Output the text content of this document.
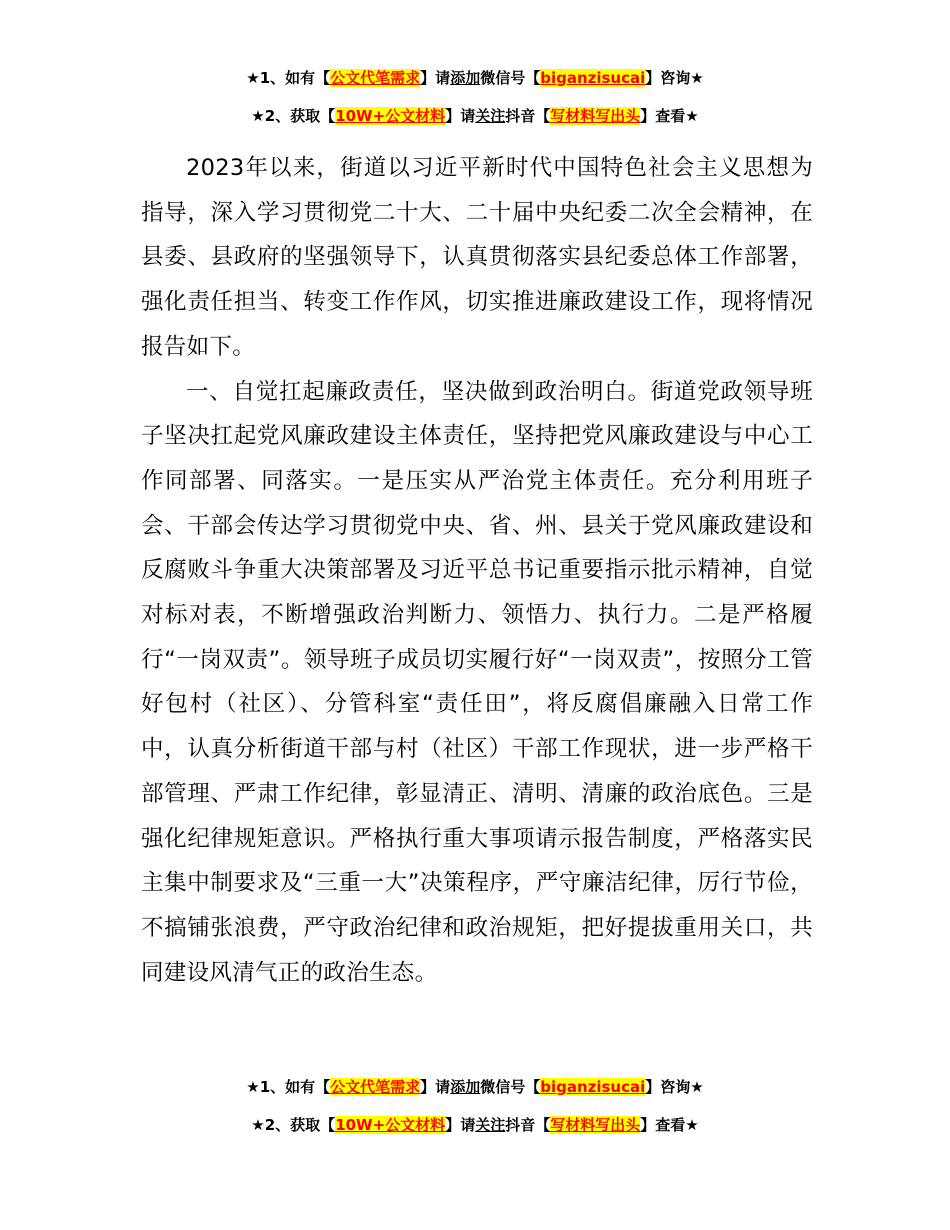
★1、如有【公文代笔需求】请添加微信号【biganzisucai】咨询★
★2、获取【10W+公文材料】请关注抖音【写材料写出头】查看★

2023年以来，街道以习近平新时代中国特色社会主义思想为指导，深入学习贯彻党二十大、二十届中央纪委二次全会精神，在县委、县政府的坚强领导下，认真贯彻落实县纪委总体工作部署，强化责任担当、转变工作作风，切实推进廉政建设工作，现将情况报告如下。

一、自觉扛起廉政责任，坚决做到政治明白。街道党政领导班子坚决扛起党风廉政建设主体责任，坚持把党风廉政建设与中心工作同部署、同落实。一是压实从严治党主体责任。充分利用班子会、干部会传达学习贯彻党中央、省、州、县关于党风廉政建设和反腐败斗争重大决策部署及习近平总书记重要指示批示精神，自觉对标对表，不断增强政治判断力、领悟力、执行力。二是严格履行“一岗双责”。领导班子成员切实履行好“一岗双责”，按照分工管好包村（社区）、分管科室“责任田”，将反腐倡廉融入日常工作中，认真分析街道干部与村（社区）干部工作现状，进一步严格干部管理、严肃工作纪律，彰显清正、清明、清廉的政治底色。三是强化纪律规矩意识。严格执行重大事项请示报告制度，严格落实民主集中制要求及“三重一大”决策程序，严守廉洁纪律，厉行节俭，不搞铺张浪费，严守政治纪律和政治规矩，把好提拔重用关口，共同建设风清气正的政治生态。

★1、如有【公文代笔需求】请添加微信号【biganzisucai】咨询★
★2、获取【10W+公文材料】请关注抖音【写材料写出头】查看★
